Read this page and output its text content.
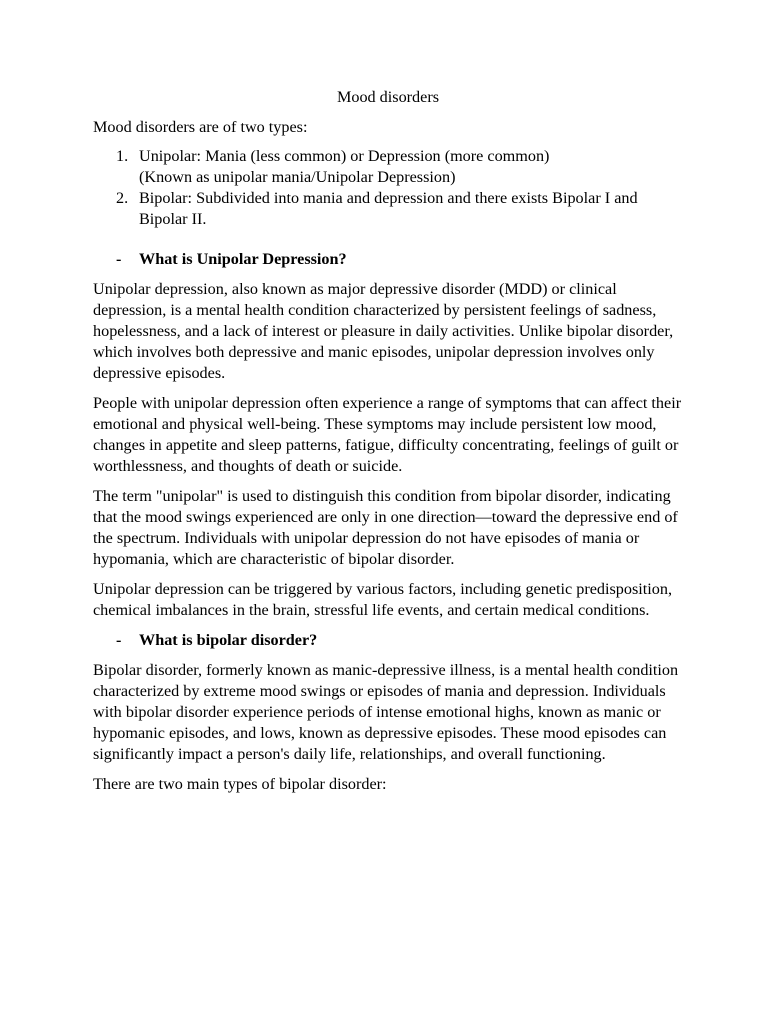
Mood disorders

Mood disorders are of two types:

1. Unipolar: Mania (less common) or Depression (more common)
(Known as unipolar mania/Unipolar Depression)
2. Bipolar: Subdivided into mania and depression and there exists Bipolar I and Bipolar II.
- What is Unipolar Depression?

Unipolar depression, also known as major depressive disorder (MDD) or clinical depression, is a mental health condition characterized by persistent feelings of sadness, hopelessness, and a lack of interest or pleasure in daily activities. Unlike bipolar disorder, which involves both depressive and manic episodes, unipolar depression involves only depressive episodes.

People with unipolar depression often experience a range of symptoms that can affect their emotional and physical well-being. These symptoms may include persistent low mood, changes in appetite and sleep patterns, fatigue, difficulty concentrating, feelings of guilt or worthlessness, and thoughts of death or suicide.

The term "unipolar" is used to distinguish this condition from bipolar disorder, indicating that the mood swings experienced are only in one direction—toward the depressive end of the spectrum. Individuals with unipolar depression do not have episodes of mania or hypomania, which are characteristic of bipolar disorder.

Unipolar depression can be triggered by various factors, including genetic predisposition, chemical imbalances in the brain, stressful life events, and certain medical conditions.

- What is bipolar disorder?

Bipolar disorder, formerly known as manic-depressive illness, is a mental health condition characterized by extreme mood swings or episodes of mania and depression. Individuals with bipolar disorder experience periods of intense emotional highs, known as manic or hypomanic episodes, and lows, known as depressive episodes. These mood episodes can significantly impact a person's daily life, relationships, and overall functioning.

There are two main types of bipolar disorder:
